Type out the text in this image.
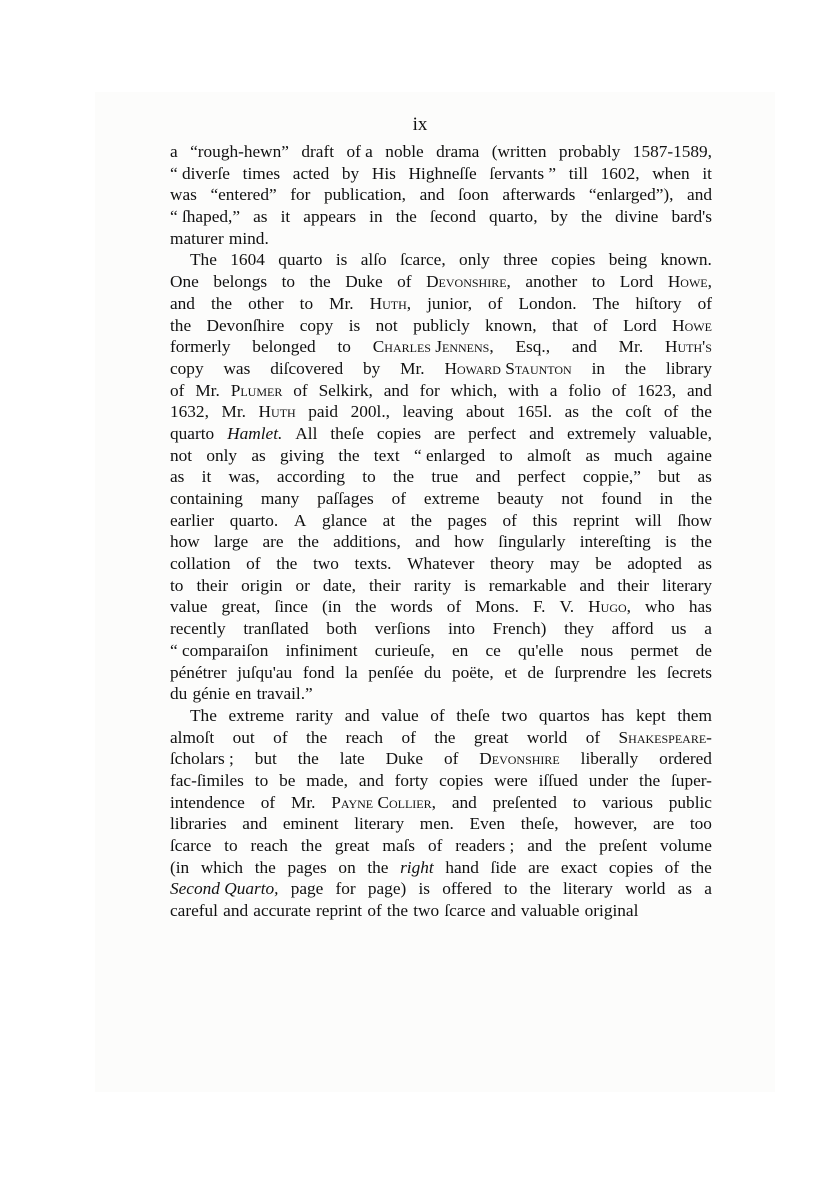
ix
a “rough-hewn” draft of a noble drama (written probably 1587-1589,
“ diverſe times acted by His Highneſſe ſervants ” till 1602, when it
was “entered” for publication, and ſoon afterwards “enlarged”), and
“ ſhaped,” as it appears in the ſecond quarto, by the divine bard's
maturer mind.
The 1604 quarto is alſo ſcarce, only three copies being known.
One belongs to the Duke of Devonshire, another to Lord Howe,
and the other to Mr. Huth, junior, of London. The hiſtory of
the Devonſhire copy is not publicly known, that of Lord Howe
formerly belonged to Charles Jennens, Esq., and Mr. Huth's
copy was diſcovered by Mr. Howard Staunton in the library
of Mr. Plumer of Selkirk, and for which, with a folio of 1623, and
1632, Mr. Huth paid 200l., leaving about 165l. as the coſt of the
quarto Hamlet. All theſe copies are perfect and extremely valuable,
not only as giving the text “ enlarged to almoſt as much againe
as it was, according to the true and perfect coppie,” but as
containing many paſſages of extreme beauty not found in the
earlier quarto. A glance at the pages of this reprint will ſhow
how large are the additions, and how ſingularly intereſting is the
collation of the two texts. Whatever theory may be adopted as
to their origin or date, their rarity is remarkable and their literary
value great, ſince (in the words of Mons. F. V. Hugo, who has
recently tranſlated both verſions into French) they afford us a
“ comparaiſon infiniment curieuſe, en ce qu'elle nous permet de
pénétrer juſqu'au fond la penſée du poëte, et de ſurprendre les ſecrets
du génie en travail.”
The extreme rarity and value of theſe two quartos has kept them
almoſt out of the reach of the great world of Shakespeare-
ſcholars ; but the late Duke of Devonshire liberally ordered
fac-ſimiles to be made, and forty copies were iſſued under the ſuper-
intendence of Mr. Payne Collier, and preſented to various public
libraries and eminent literary men. Even theſe, however, are too
ſcarce to reach the great maſs of readers ; and the preſent volume
(in which the pages on the right hand ſide are exact copies of the
Second Quarto, page for page) is offered to the literary world as a
careful and accurate reprint of the two ſcarce and valuable original
